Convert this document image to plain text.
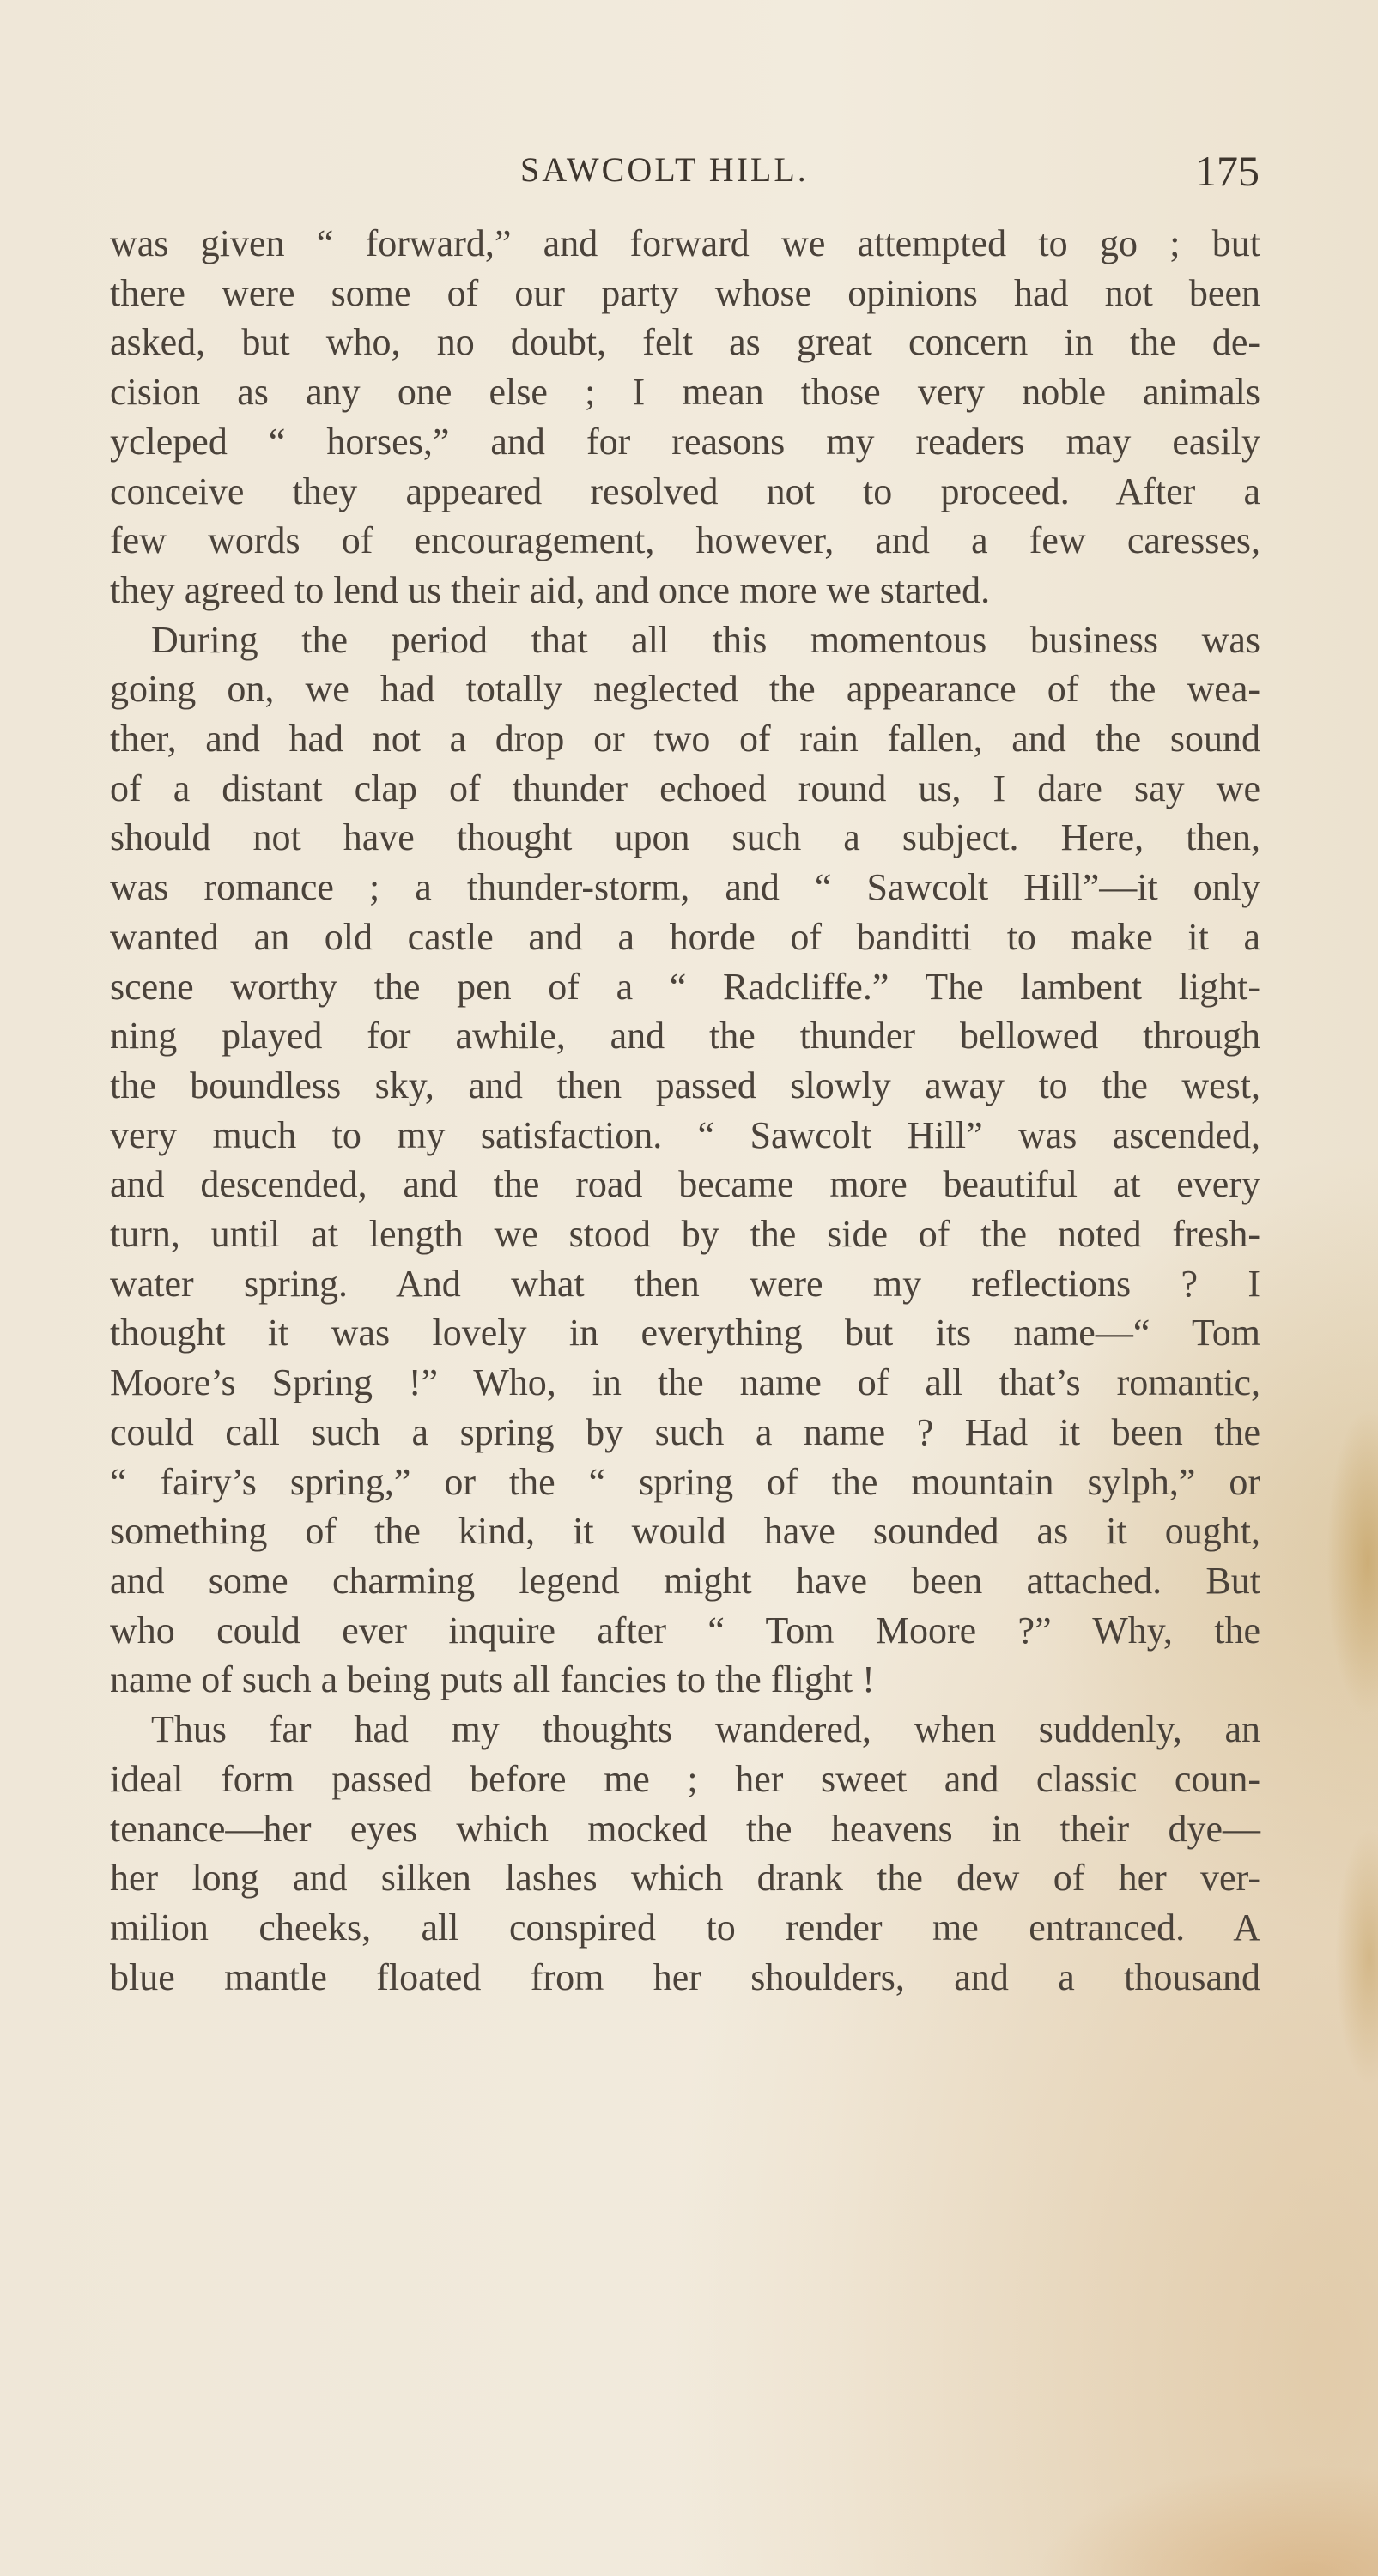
SAWCOLT HILL.	175
was given “ forward,” and forward we attempted to go ; but
there were some of our party whose opinions had not been
asked, but who, no doubt, felt as great concern in the de-
cision as any one else ; I mean those very noble animals
ycleped “ horses,” and for reasons my readers may easily
conceive they appeared resolved not to proceed. After a
few words of encouragement, however, and a few caresses,
they agreed to lend us their aid, and once more we started.
During the period that all this momentous business was
going on, we had totally neglected the appearance of the wea-
ther, and had not a drop or two of rain fallen, and the sound
of a distant clap of thunder echoed round us, I dare say we
should not have thought upon such a subject. Here, then,
was romance ; a thunder-storm, and “ Sawcolt Hill”—it only
wanted an old castle and a horde of banditti to make it a
scene worthy the pen of a “ Radcliffe.” The lambent light-
ning played for awhile, and the thunder bellowed through
the boundless sky, and then passed slowly away to the west,
very much to my satisfaction. “ Sawcolt Hill” was ascended,
and descended, and the road became more beautiful at every
turn, until at length we stood by the side of the noted fresh-
water spring. And what then were my reflections ? I
thought it was lovely in everything but its name—“ Tom
Moore’s Spring !” Who, in the name of all that’s romantic,
could call such a spring by such a name ? Had it been the
“ fairy’s spring,” or the “ spring of the mountain sylph,” or
something of the kind, it would have sounded as it ought,
and some charming legend might have been attached. But
who could ever inquire after “ Tom Moore ?” Why, the
name of such a being puts all fancies to the flight !
Thus far had my thoughts wandered, when suddenly, an
ideal form passed before me ; her sweet and classic coun-
tenance—her eyes which mocked the heavens in their dye—
her long and silken lashes which drank the dew of her ver-
milion cheeks, all conspired to render me entranced. A
blue mantle floated from her shoulders, and a thousand
